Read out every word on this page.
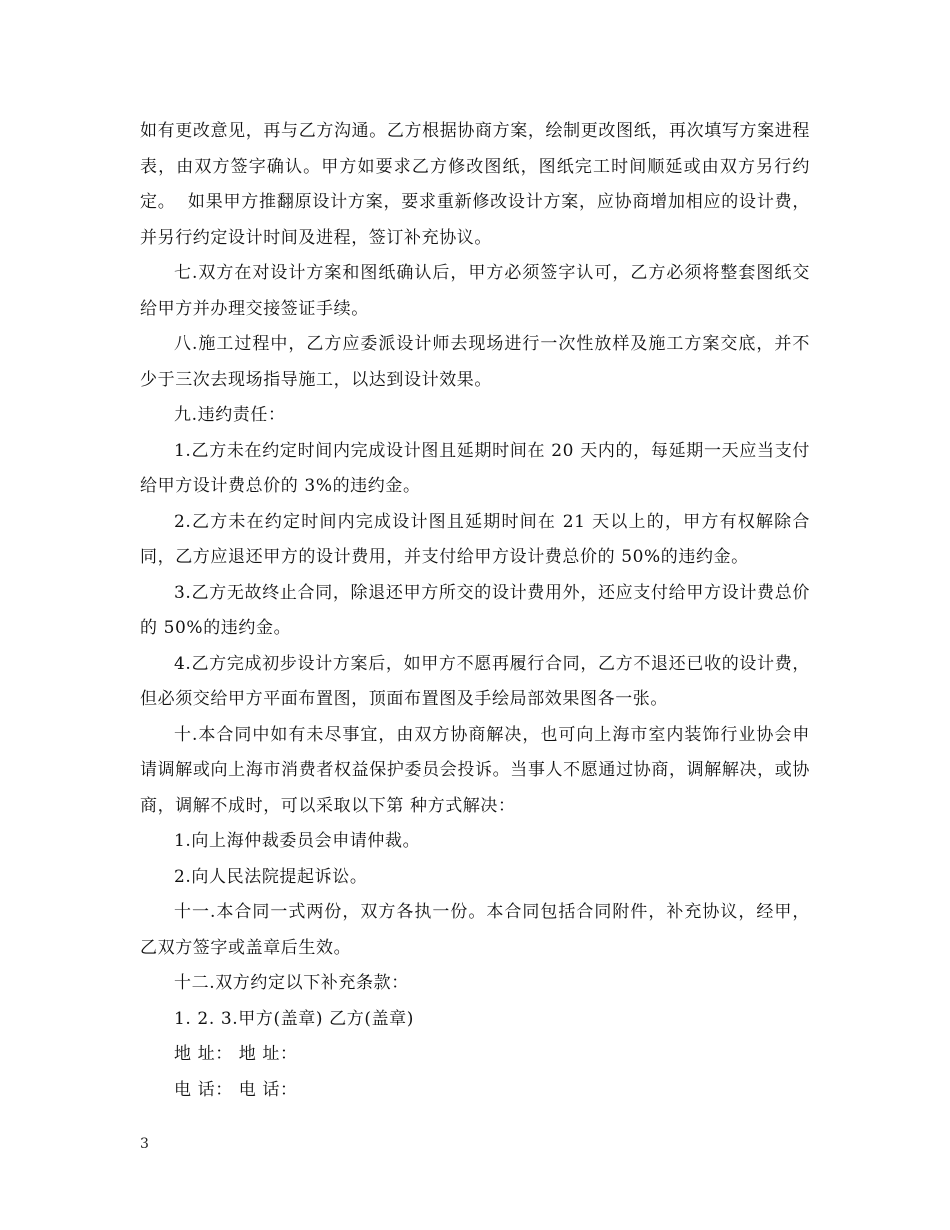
如有更改意见，再与乙方沟通。乙方根据协商方案，绘制更改图纸，再次填写方案进程表，由双方签字确认。甲方如要求乙方修改图纸，图纸完工时间顺延或由双方另行约定。  如果甲方推翻原设计方案，要求重新修改设计方案，应协商增加相应的设计费，并另行约定设计时间及进程，签订补充协议。

七.双方在对设计方案和图纸确认后，甲方必须签字认可，乙方必须将整套图纸交给甲方并办理交接签证手续。

八.施工过程中，乙方应委派设计师去现场进行一次性放样及施工方案交底，并不少于三次去现场指导施工，以达到设计效果。

九.违约责任：

1.乙方未在约定时间内完成设计图且延期时间在 20 天内的，每延期一天应当支付给甲方设计费总价的 3%的违约金。

2.乙方未在约定时间内完成设计图且延期时间在 21 天以上的，甲方有权解除合同，乙方应退还甲方的设计费用，并支付给甲方设计费总价的 50%的违约金。

3.乙方无故终止合同，除退还甲方所交的设计费用外，还应支付给甲方设计费总价的 50%的违约金。

4.乙方完成初步设计方案后，如甲方不愿再履行合同，乙方不退还已收的设计费，但必须交给甲方平面布置图，顶面布置图及手绘局部效果图各一张。

十.本合同中如有未尽事宜，由双方协商解决，也可向上海市室内装饰行业协会申请调解或向上海市消费者权益保护委员会投诉。当事人不愿通过协商，调解解决，或协商，调解不成时，可以采取以下第 种方式解决：

1.向上海仲裁委员会申请仲裁。

2.向人民法院提起诉讼。

十一.本合同一式两份，双方各执一份。本合同包括合同附件，补充协议，经甲，乙双方签字或盖章后生效。

十二.双方约定以下补充条款：

1. 2. 3.甲方(盖章) 乙方(盖章)

地 址： 地 址：

电 话： 电 话：

3
